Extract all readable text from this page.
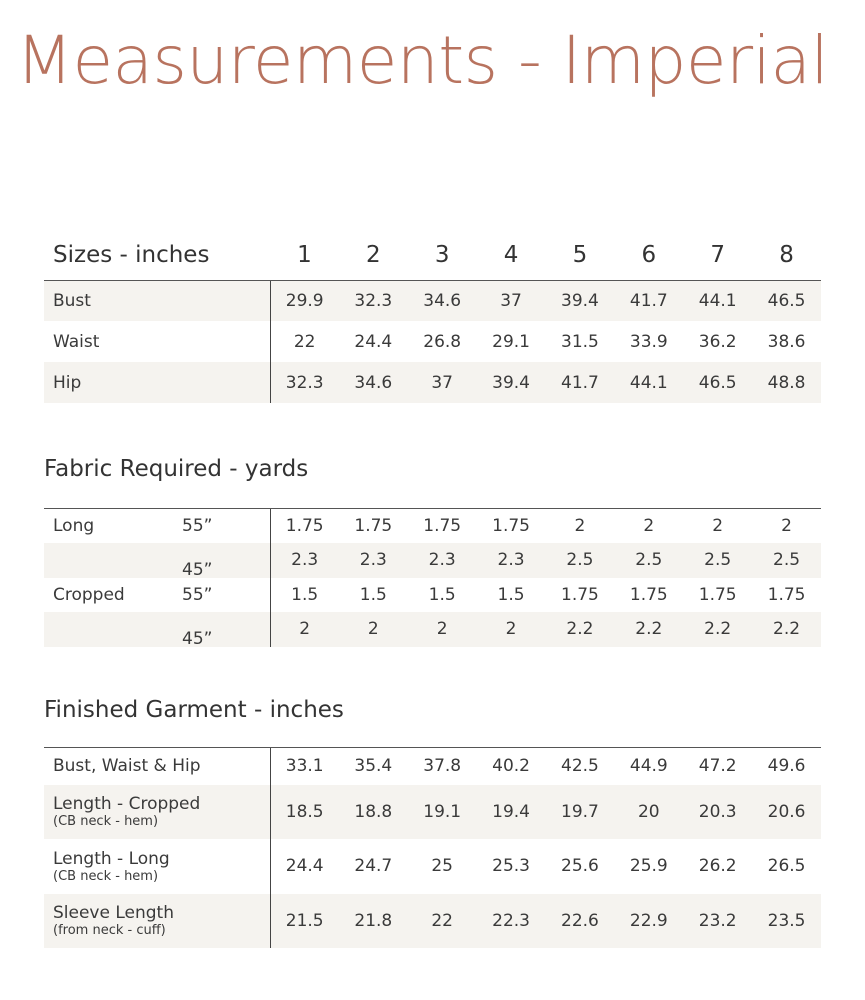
Measurements - Imperial
Sizes - inches	1	2	3	4	5	6	7	8
Bust	29.9	32.3	34.6	37	39.4	41.7	44.1	46.5
Waist	22	24.4	26.8	29.1	31.5	33.9	36.2	38.6
Hip	32.3	34.6	37	39.4	41.7	44.1	46.5	48.8
Fabric Required - yards
Long 55”	1.75	1.75	1.75	1.75	2	2	2	2

45”	2.3	2.3	2.3	2.3	2.5	2.5	2.5	2.5
Cropped 55”	1.5	1.5	1.5	1.5	1.75	1.75	1.75	1.75

45”	2	2	2	2	2.2	2.2	2.2	2.2
Finished Garment - inches
Bust, Waist & Hip	33.1	35.4	37.8	40.2	42.5	44.9	47.2	49.6

Length - Cropped
(CB neck - hem)	18.5	18.8	19.1	19.4	19.7	20	20.3	20.6

Length - Long
(CB neck - hem)	24.4	24.7	25	25.3	25.6	25.9	26.2	26.5

Sleeve Length
(from neck - cuff)	21.5	21.8	22	22.3	22.6	22.9	23.2	23.5
